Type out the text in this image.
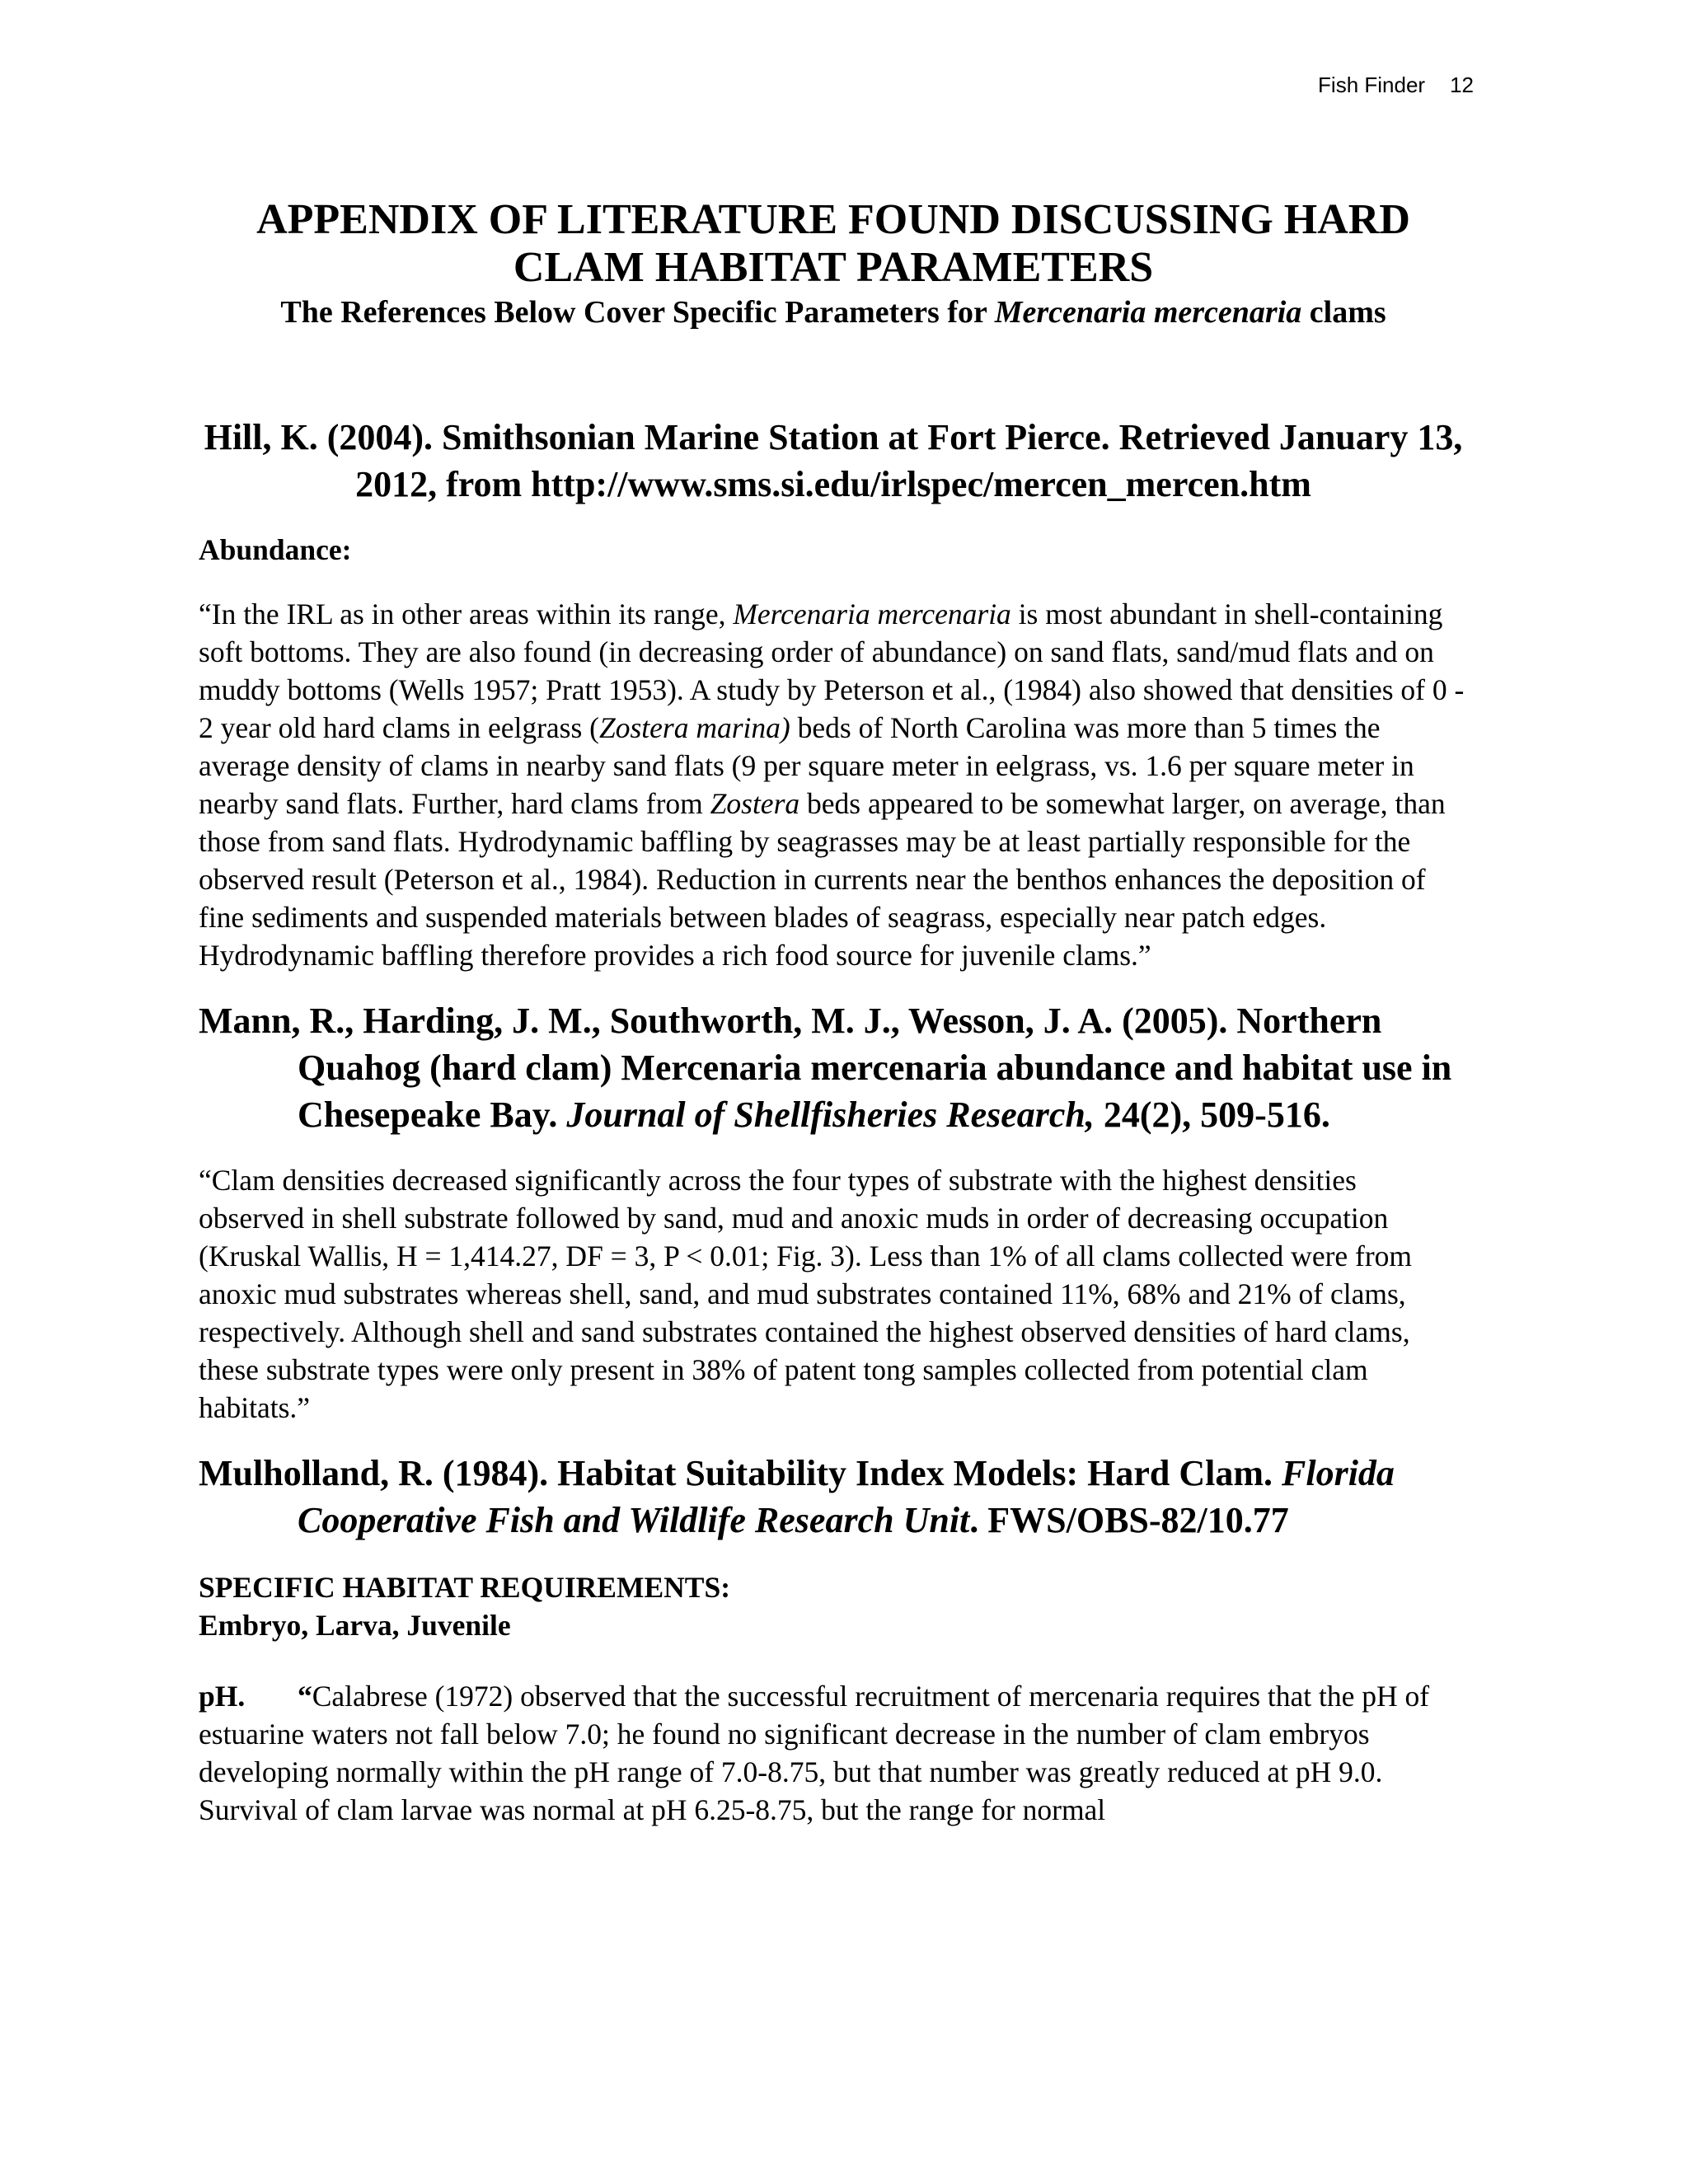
Fish Finder 12
APPENDIX OF LITERATURE FOUND DISCUSSING HARD
CLAM HABITAT PARAMETERS

The References Below Cover Specific Parameters for Mercenaria mercenaria clams

Hill, K. (2004). Smithsonian Marine Station at Fort Pierce. Retrieved January 13, 2012, from http://www.sms.si.edu/irlspec/mercen_mercen.htm

Abundance:

“In the IRL as in other areas within its range, Mercenaria mercenaria is most abundant in shell-containing soft bottoms. They are also found (in decreasing order of abundance) on sand flats, sand/mud flats and on muddy bottoms (Wells 1957; Pratt 1953). A study by Peterson et al., (1984) also showed that densities of 0 - 2 year old hard clams in eelgrass (Zostera marina) beds of North Carolina was more than 5 times the average density of clams in nearby sand flats (9 per square meter in eelgrass, vs. 1.6 per square meter in nearby sand flats. Further, hard clams from Zostera beds appeared to be somewhat larger, on average, than those from sand flats. Hydrodynamic baffling by seagrasses may be at least partially responsible for the observed result (Peterson et al., 1984). Reduction in currents near the benthos enhances the deposition of fine sediments and suspended materials between blades of seagrass, especially near patch edges. Hydrodynamic baffling therefore provides a rich food source for juvenile clams.”

Mann, R., Harding, J. M., Southworth, M. J., Wesson, J. A. (2005). Northern Quahog (hard clam) Mercenaria mercenaria abundance and habitat use in Chesepeake Bay. Journal of Shellfisheries Research, 24(2), 509-516.

“Clam densities decreased significantly across the four types of substrate with the highest densities observed in shell substrate followed by sand, mud and anoxic muds in order of decreasing occupation (Kruskal Wallis, H = 1,414.27, DF = 3, P < 0.01; Fig. 3). Less than 1% of all clams collected were from anoxic mud substrates whereas shell, sand, and mud substrates contained 11%, 68% and 21% of clams, respectively. Although shell and sand substrates contained the highest observed densities of hard clams, these substrate types were only present in 38% of patent tong samples collected from potential clam habitats.”

Mulholland, R. (1984). Habitat Suitability Index Models: Hard Clam. Florida Cooperative Fish and Wildlife Research Unit. FWS/OBS-82/10.77

SPECIFIC HABITAT REQUIREMENTS:

Embryo, Larva, Juvenile

pH. “Calabrese (1972) observed that the successful recruitment of mercenaria requires that the pH of estuarine waters not fall below 7.0; he found no significant decrease in the number of clam embryos developing normally within the pH range of 7.0-8.75, but that number was greatly reduced at pH 9.0. Survival of clam larvae was normal at pH 6.25-8.75, but the range for normal
